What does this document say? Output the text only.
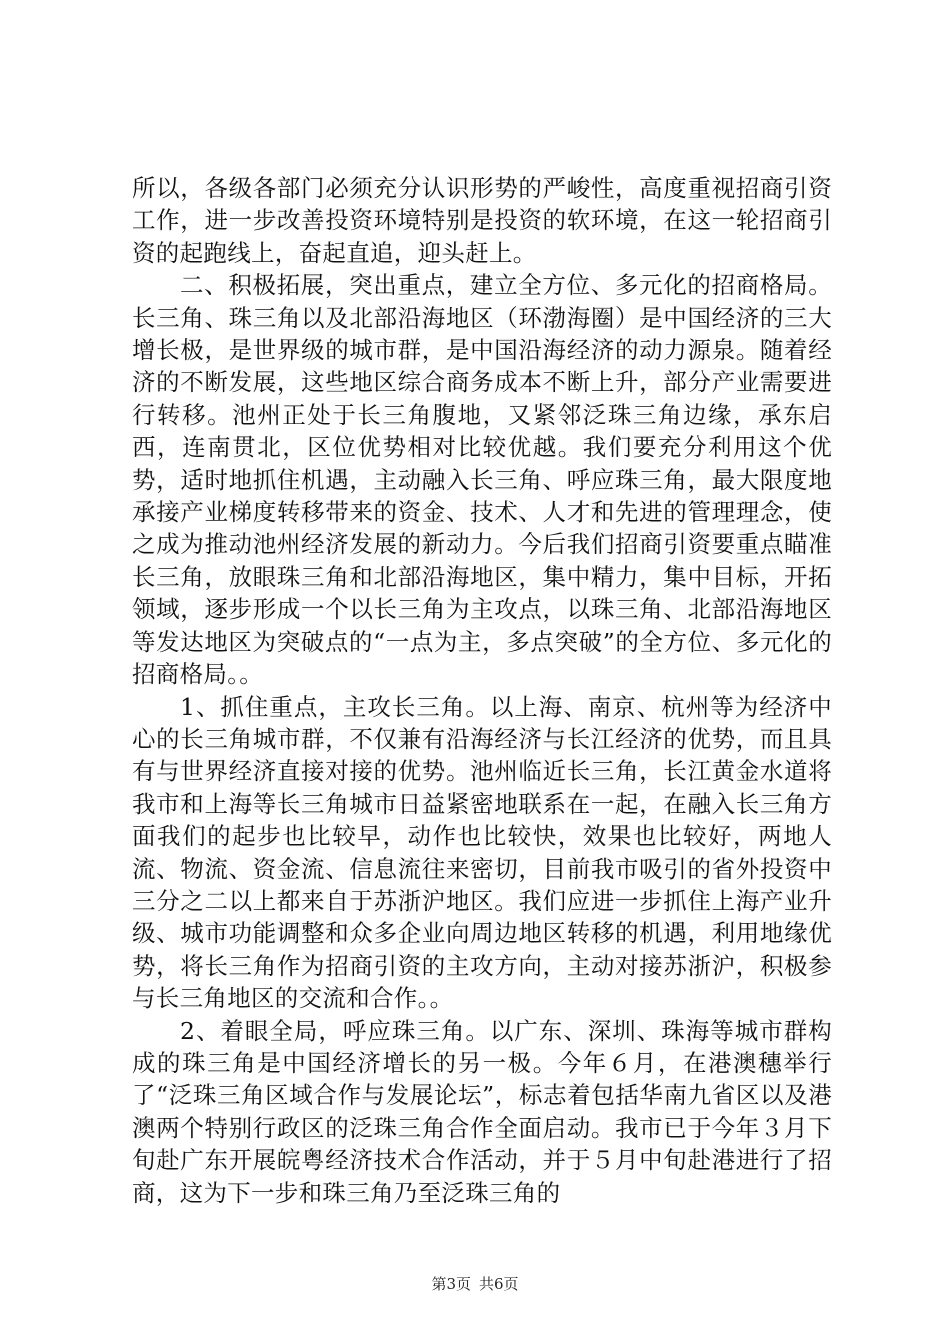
所以，各级各部门必须充分认识形势的严峻性，高度重视招商引资工作，进一步改善投资环境特别是投资的软环境，在这一轮招商引资的起跑线上，奋起直追，迎头赶上。

二、积极拓展，突出重点，建立全方位、多元化的招商格局。长三角、珠三角以及北部沿海地区（环渤海圈）是中国经济的三大增长极，是世界级的城市群，是中国沿海经济的动力源泉。随着经济的不断发展，这些地区综合商务成本不断上升，部分产业需要进行转移。池州正处于长三角腹地，又紧邻泛珠三角边缘，承东启西，连南贯北，区位优势相对比较优越。我们要充分利用这个优势，适时地抓住机遇，主动融入长三角、呼应珠三角，最大限度地承接产业梯度转移带来的资金、技术、人才和先进的管理理念，使之成为推动池州经济发展的新动力。今后我们招商引资要重点瞄准长三角，放眼珠三角和北部沿海地区，集中精力，集中目标，开拓领域，逐步形成一个以长三角为主攻点，以珠三角、北部沿海地区等发达地区为突破点的“一点为主，多点突破”的全方位、多元化的招商格局。。

1、抓住重点，主攻长三角。以上海、南京、杭州等为经济中心的长三角城市群，不仅兼有沿海经济与长江经济的优势，而且具有与世界经济直接对接的优势。池州临近长三角，长江黄金水道将我市和上海等长三角城市日益紧密地联系在一起，在融入长三角方面我们的起步也比较早，动作也比较快，效果也比较好，两地人流、物流、资金流、信息流往来密切，目前我市吸引的省外投资中三分之二以上都来自于苏浙沪地区。我们应进一步抓住上海产业升级、城市功能调整和众多企业向周边地区转移的机遇，利用地缘优势，将长三角作为招商引资的主攻方向，主动对接苏浙沪，积极参与长三角地区的交流和合作。。

2、着眼全局，呼应珠三角。以广东、深圳、珠海等城市群构成的珠三角是中国经济增长的另一极。今年６月，在港澳穗举行了“泛珠三角区域合作与发展论坛”，标志着包括华南九省区以及港澳两个特别行政区的泛珠三角合作全面启动。我市已于今年３月下旬赴广东开展皖粤经济技术合作活动，并于５月中旬赴港进行了招商，这为下一步和珠三角乃至泛珠三角的

第3页 共6页
